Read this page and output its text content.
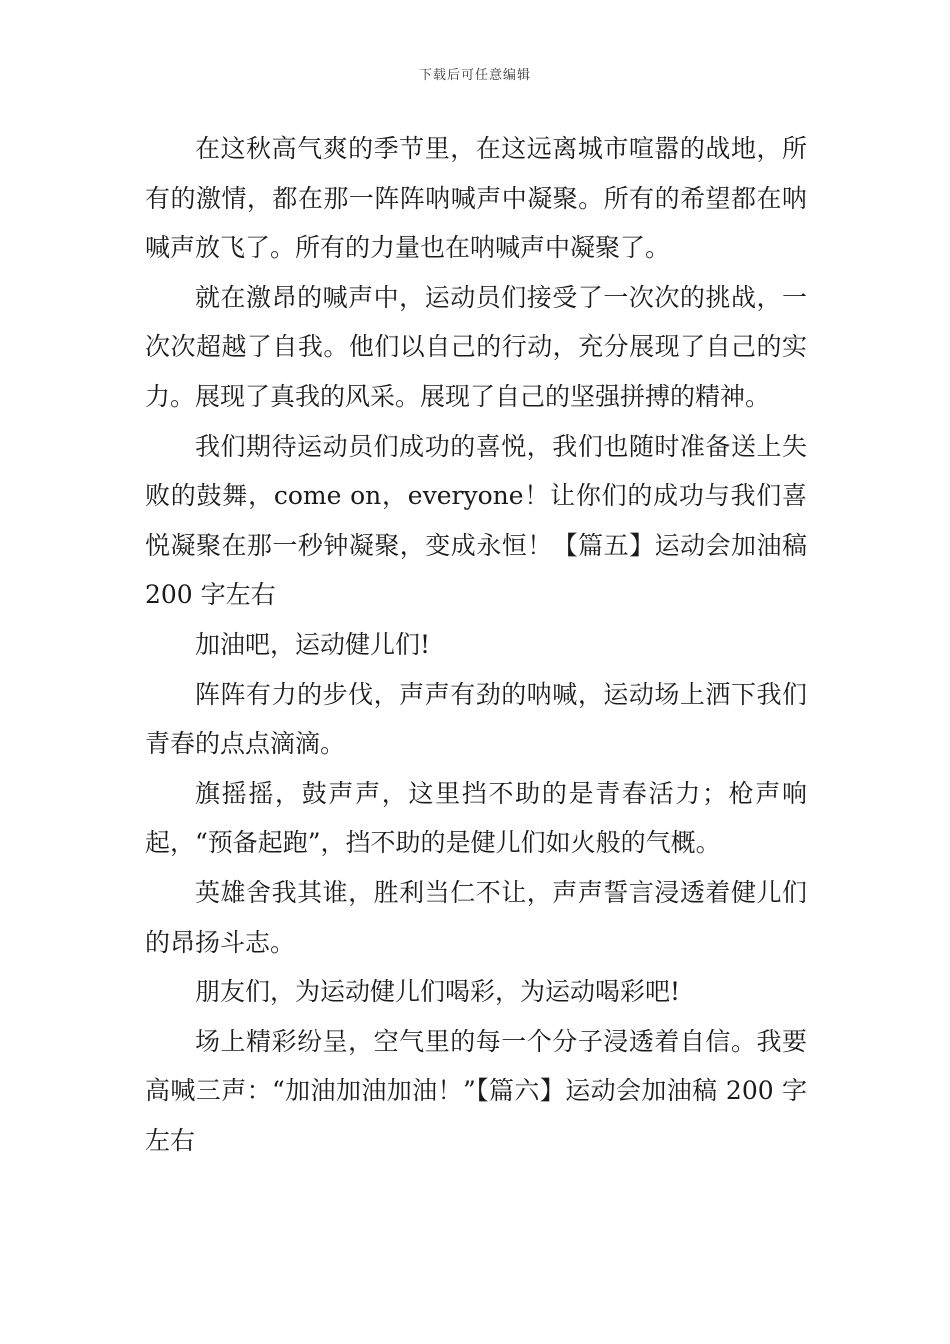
下载后可任意编辑

在这秋高气爽的季节里，在这远离城市喧嚣的战地，所有的激情，都在那一阵阵呐喊声中凝聚。所有的希望都在呐喊声放飞了。所有的力量也在呐喊声中凝聚了。

就在激昂的喊声中，运动员们接受了一次次的挑战，一次次超越了自我。他们以自己的行动，充分展现了自己的实力。展现了真我的风采。展现了自己的坚强拼搏的精神。

我们期待运动员们成功的喜悦，我们也随时准备送上失败的鼓舞，come on，everyone！让你们的成功与我们喜悦凝聚在那一秒钟凝聚，变成永恒！【篇五】运动会加油稿 200 字左右

加油吧，运动健儿们!

阵阵有力的步伐，声声有劲的呐喊，运动场上洒下我们青春的点点滴滴。

旗摇摇，鼓声声，这里挡不助的是青春活力；枪声响起，“预备起跑”，挡不助的是健儿们如火般的气概。

英雄舍我其谁，胜利当仁不让，声声誓言浸透着健儿们的昂扬斗志。

朋友们，为运动健儿们喝彩，为运动喝彩吧!

场上精彩纷呈，空气里的每一个分子浸透着自信。我要高喊三声：“加油加油加油！”【篇六】运动会加油稿 200 字左右
